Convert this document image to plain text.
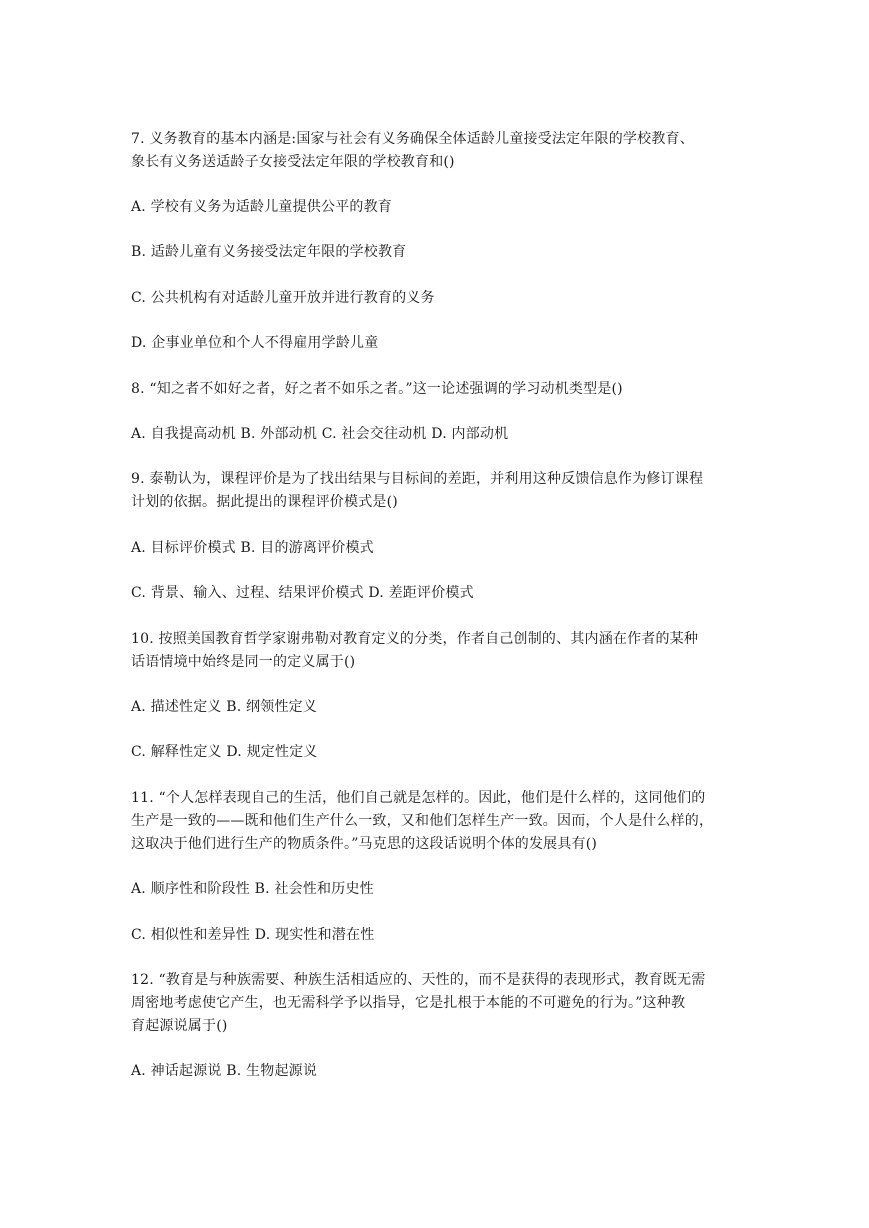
7. 义务教育的基本内涵是:国家与社会有义务确保全体适龄儿童接受法定年限的学校教育、

象长有义务送适龄子女接受法定年限的学校教育和()

A. 学校有义务为适龄儿童提供公平的教育

B. 适龄儿童有义务接受法定年限的学校教育

C. 公共机构有对适龄儿童开放并进行教育的义务

D. 企事业单位和个人不得雇用学龄儿童

8. “知之者不如好之者，好之者不如乐之者。”这一论述强调的学习动机类型是()

A. 自我提高动机 B. 外部动机 C. 社会交往动机 D. 内部动机

9. 泰勒认为，课程评价是为了找出结果与目标间的差距，并利用这种反馈信息作为修订课程

计划的依据。据此提出的课程评价模式是()

A. 目标评价模式 B. 目的游离评价模式

C. 背景、输入、过程、结果评价模式 D. 差距评价模式

10. 按照美国教育哲学家谢弗勒对教育定义的分类，作者自己创制的、其内涵在作者的某种

话语情境中始终是同一的定义属于()

A. 描述性定义 B. 纲领性定义

C. 解释性定义 D. 规定性定义

11. “个人怎样表现自己的生活，他们自己就是怎样的。因此，他们是什么样的，这同他们的

生产是一致的——既和他们生产什么一致，又和他们怎样生产一致。因而，个人是什么样的，

这取决于他们进行生产的物质条件。”马克思的这段话说明个体的发展具有()

A. 顺序性和阶段性 B. 社会性和历史性

C. 相似性和差异性 D. 现实性和潜在性

12. “教育是与种族需要、种族生活相适应的、天性的，而不是获得的表现形式，教育既无需

周密地考虑使它产生，也无需科学予以指导，它是扎根于本能的不可避免的行为。”这种教

育起源说属于()

A. 神话起源说 B. 生物起源说
